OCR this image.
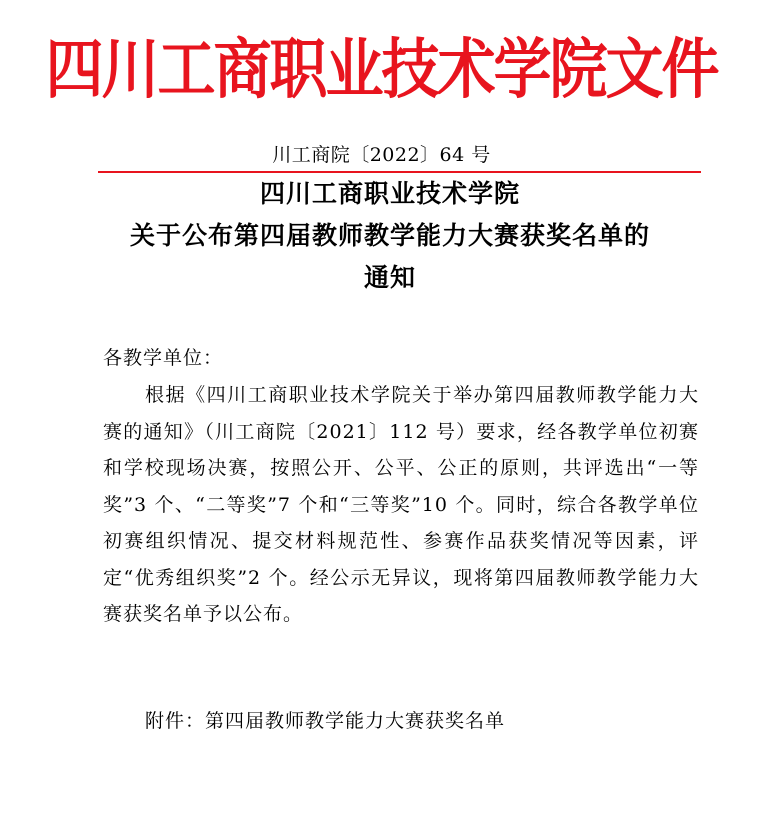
四川工商职业技术学院文件
川工商院〔2022〕64 号
四川工商职业技术学院
关于公布第四届教师教学能力大赛获奖名单的
通知
各教学单位：
根据《四川工商职业技术学院关于举办第四届教师教学能力大赛的通知》（川工商院〔2021〕112 号）要求，经各教学单位初赛和学校现场决赛，按照公开、公平、公正的原则，共评选出“一等奖”3 个、“二等奖”7 个和“三等奖”10 个。同时，综合各教学单位初赛组织情况、提交材料规范性、参赛作品获奖情况等因素，评定“优秀组织奖”2 个。经公示无异议，现将第四届教师教学能力大赛获奖名单予以公布。
附件：第四届教师教学能力大赛获奖名单
